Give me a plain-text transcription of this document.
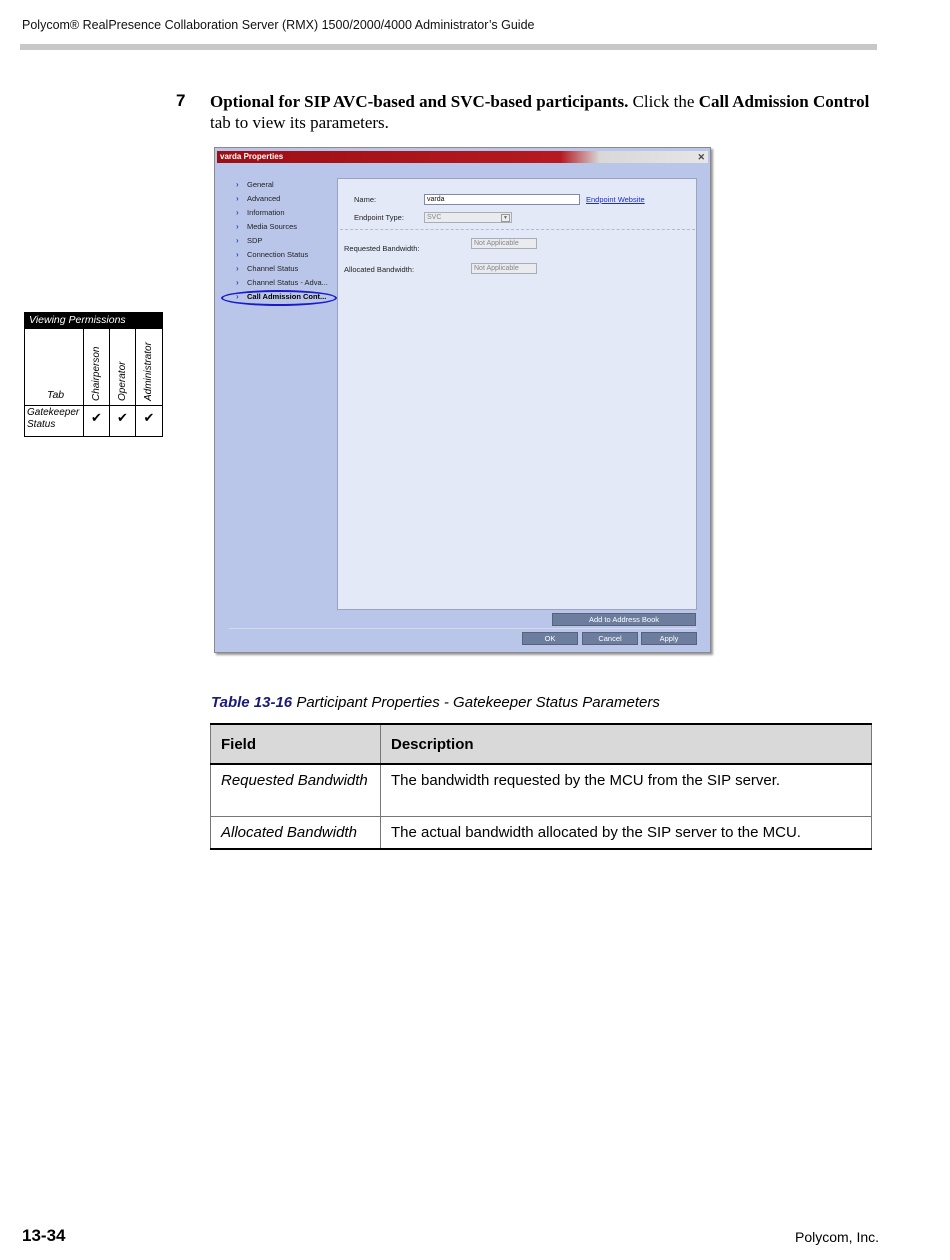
Polycom® RealPresence Collaboration Server (RMX) 1500/2000/4000 Administrator’s Guide
7 Optional for SIP AVC-based and SVC-based participants. Click the Call Admission Control tab to view its parameters.
Viewing Permissions
Tab	Chairperson Operator Administrator
Gatekeeper Status	✔	✔	✔
varda Properties	✕
› General
› Advanced
› Information
› Media Sources
› SDP
› Connection Status
› Channel Status
› Channel Status - Adva...
› Call Admission Cont...
Name:	varda	Endpoint Website
Endpoint Type:	SVC	▼
Requested Bandwidth:
Not Applicable
Allocated Bandwidth:	Not Applicable
Add to Address Book
OK	Cancel	Apply
Table 13-16 Participant Properties - Gatekeeper Status Parameters
Field	Description
Requested Bandwidth	The bandwidth requested by the MCU from the SIP server.
Allocated Bandwidth	The actual bandwidth allocated by the SIP server to the MCU.
13-34	Polycom, Inc.
